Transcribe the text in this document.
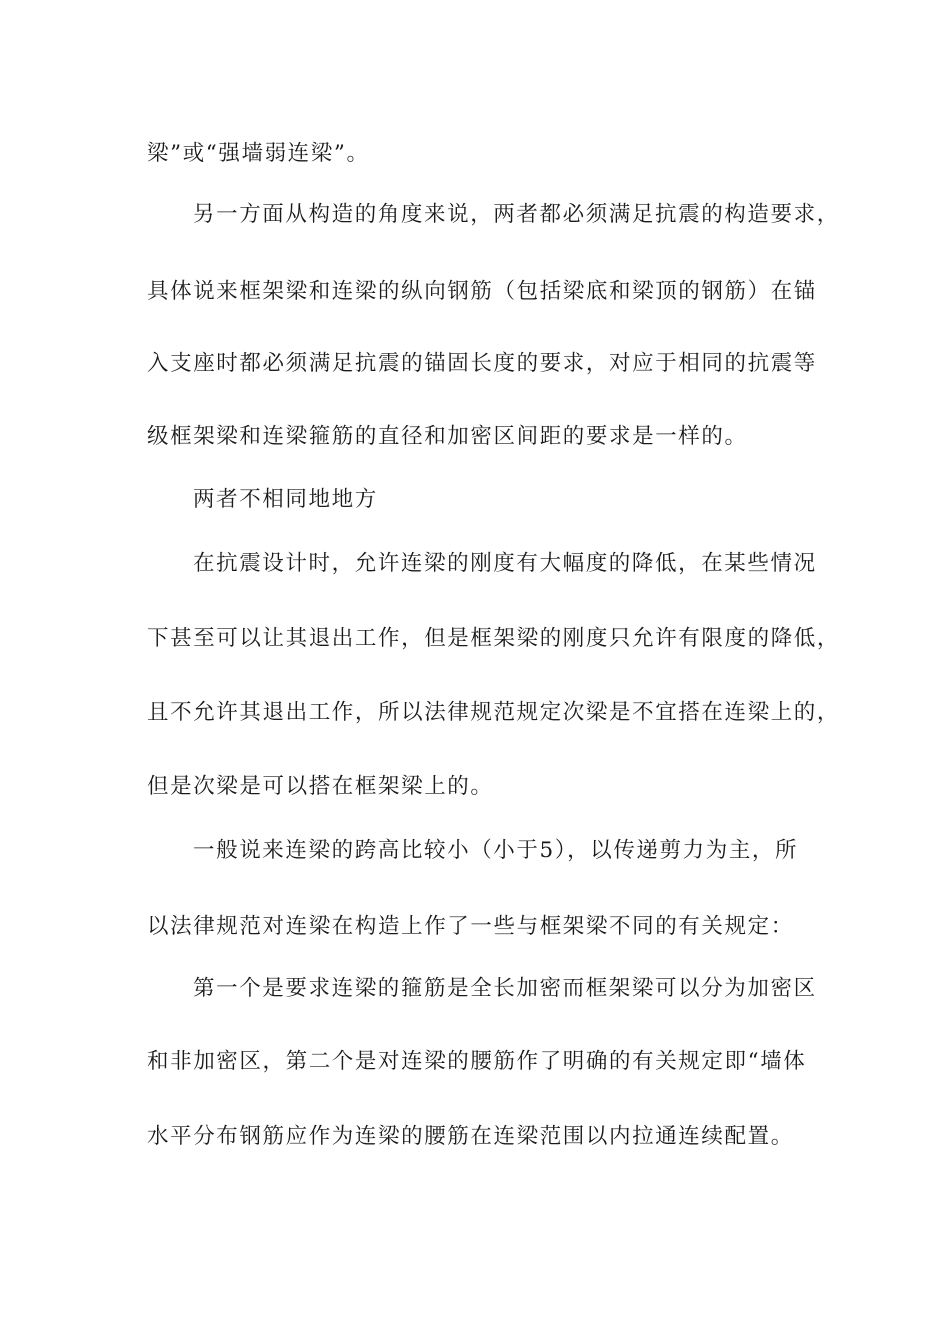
梁”或“强墙弱连梁”。
另一方面从构造的角度来说，两者都必须满足抗震的构造要求，
具体说来框架梁和连梁的纵向钢筋（包括梁底和梁顶的钢筋）在锚
入支座时都必须满足抗震的锚固长度的要求，对应于相同的抗震等
级框架梁和连梁箍筋的直径和加密区间距的要求是一样的。
两者不相同地地方
在抗震设计时，允许连梁的刚度有大幅度的降低，在某些情况
下甚至可以让其退出工作，但是框架梁的刚度只允许有限度的降低，
且不允许其退出工作，所以法律规范规定次梁是不宜搭在连梁上的，
但是次梁是可以搭在框架梁上的。
一般说来连梁的跨高比较小（小于5），以传递剪力为主，所
以法律规范对连梁在构造上作了一些与框架梁不同的有关规定：
第一个是要求连梁的箍筋是全长加密而框架梁可以分为加密区
和非加密区，第二个是对连梁的腰筋作了明确的有关规定即“墙体
水平分布钢筋应作为连梁的腰筋在连梁范围以内拉通连续配置。
